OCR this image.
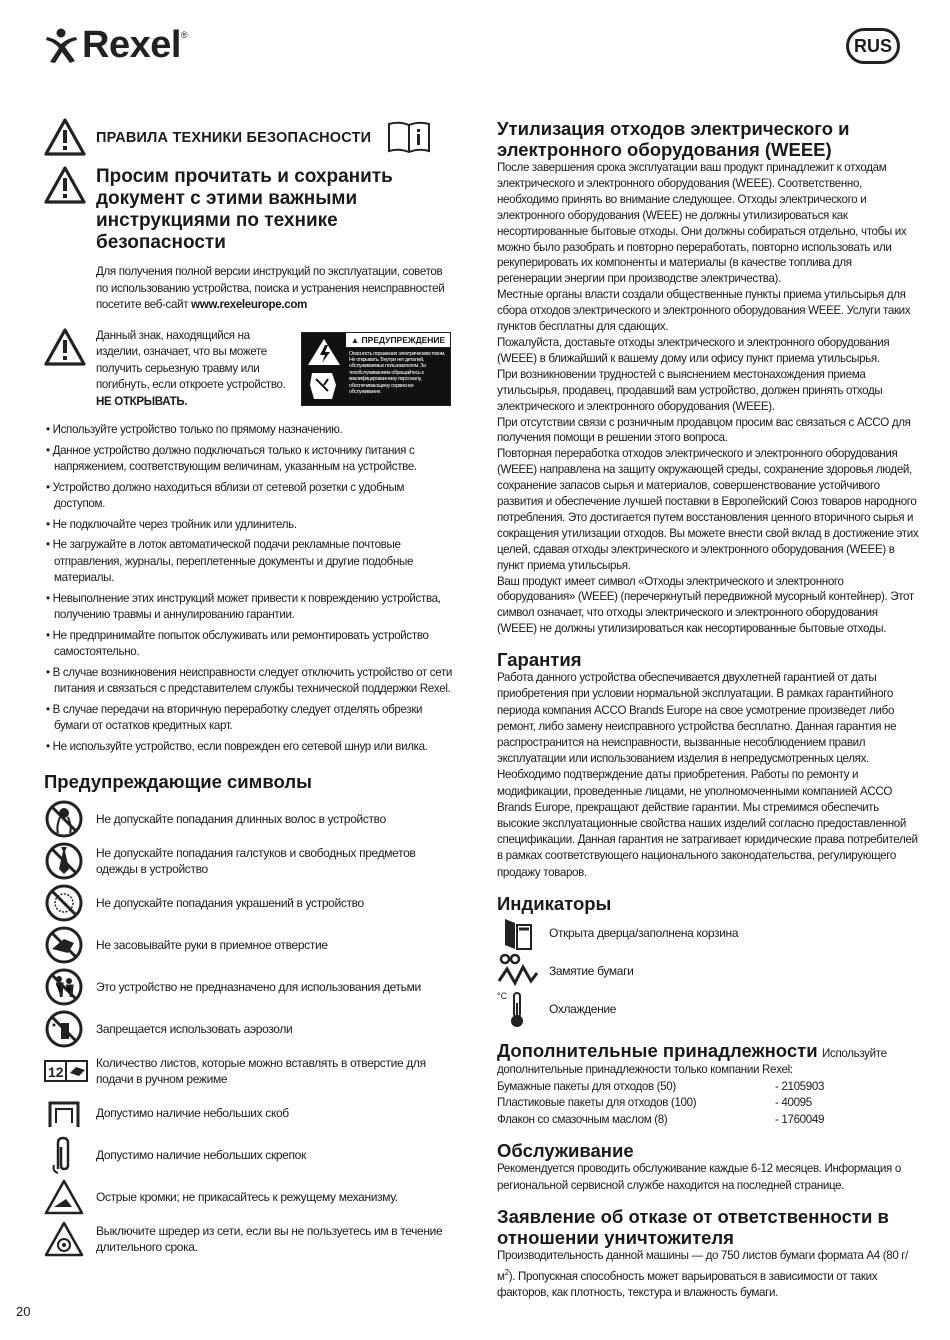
Rexel ®
RUS
ПРАВИЛА ТЕХНИКИ БЕЗОПАСНОСТИ
Просим прочитать и сохранить документ с этими важными инструкциями по технике безопасности
Для получения полной версии инструкций по эксплуатации, советов по использованию устройства, поиска и устранения неисправностей посетите веб-сайт www.rexeleurope.com
Данный знак, находящийся на изделии, означает, что вы можете получить серьезную травму или погибнуть, если откроете устройство. НЕ ОТКРЫВАТЬ.
▲ ПРЕДУПРЕЖДЕНИЕ
Опасность поражения электрическим током. Не открывать. Внутри нет деталей, обслуживаемых пользователем. За техобслуживанием обращайтесь к квалифицированному персоналу, обеспечивающему сервисное обслуживание.

• Используйте устройство только по прямому назначению.

• Данное устройство должно подключаться только к источнику питания с напряжением, соответствующим величинам, указанным на устройстве.

• Устройство должно находиться вблизи от сетевой розетки с удобным доступом.

• Не подключайте через тройник или удлинитель.

• Не загружайте в лоток автоматической подачи рекламные почтовые отправления, журналы, переплетенные документы и другие подобные материалы.

• Невыполнение этих инструкций может привести к повреждению устройства, получению травмы и аннулированию гарантии.

• Не предпринимайте попыток обслуживать или ремонтировать устройство самостоятельно.

• В случае возникновения неисправности следует отключить устройство от сети питания и связаться с представителем службы технической поддержки Rexel.

• В случае передачи на вторичную переработку следует отделять обрезки бумаги от остатков кредитных карт.

• Не используйте устройство, если поврежден его сетевой шнур или вилка.

Предупреждающие символы
Не допускайте попадания длинных волос в устройство
Не допускайте попадания галстуков и свободных предметов одежды в устройство
Не допускайте попадания украшений в устройство
Не засовывайте руки в приемное отверстие
Это устройство не предназначено для использования детьми
Запрещается использовать аэрозоли
12
Количество листов, которые можно вставлять в отверстие для подачи в ручном режиме
Допустимо наличие небольших скоб
Допустимо наличие небольших скрепок
Острые кромки; не прикасайтесь к режущему механизму.
Выключите шредер из сети, если вы не пользуетесь им в течение длительного срока.
20
Утилизация отходов электрического и электронного оборудования (WEEE)
После завершения срока эксплуатации ваш продукт принадлежит к отходам электрического и электронного оборудования (WEEE). Соответственно, необходимо принять во внимание следующее. Отходы электрического и электронного оборудования (WEEE) не должны утилизироваться как несортированные бытовые отходы. Они должны собираться отдельно, чтобы их можно было разобрать и повторно переработать, повторно использовать или рекуперировать их компоненты и материалы (в качестве топлива для регенерации энергии при производстве электричества).
Местные органы власти создали общественные пункты приема утильсырья для сбора отходов электрического и электронного оборудования WEEE. Услуги таких пунктов бесплатны для сдающих.
Пожалуйста, доставьте отходы электрического и электронного оборудования (WEEE) в ближайший к вашему дому или офису пункт приема утильсырья.
При возникновении трудностей с выяснением местонахождения приема утильсырья, продавец, продавший вам устройство, должен принять отходы электрического и электронного оборудования (WEEE).
При отсутствии связи с розничным продавцом просим вас связаться с ACCO для получения помощи в решении этого вопроса.
Повторная переработка отходов электрического и электронного оборудования (WEEE) направлена на защиту окружающей среды, сохранение здоровья людей, сохранение запасов сырья и материалов, совершенствование устойчивого развития и обеспечение лучшей поставки в Европейский Союз товаров народного потребления. Это достигается путем восстановления ценного вторичного сырья и сокращения утилизации отходов. Вы можете внести свой вклад в достижение этих целей, сдавая отходы электрического и электронного оборудования (WEEE) в пункт приема утильсырья.
Ваш продукт имеет символ «Отходы электрического и электронного оборудования» (WEEE) (перечеркнутый передвижной мусорный контейнер). Этот символ означает, что отходы электрического и электронного оборудования (WEEE) не должны утилизироваться как несортированные бытовые отходы.
Гарантия
Работа данного устройства обеспечивается двухлетней гарантией от даты приобретения при условии нормальной эксплуатации. В рамках гарантийного периода компания ACCO Brands Europe на свое усмотрение произведет либо ремонт, либо замену неисправного устройства бесплатно. Данная гарантия не распространится на неисправности, вызванные несоблюдением правил эксплуатации или использованием изделия в непредусмотренных целях. Необходимо подтверждение даты приобретения. Работы по ремонту и модификации, проведенные лицами, не уполномоченными компанией ACCO Brands Europe, прекращают действие гарантии. Мы стремимся обеспечить высокие эксплуатационные свойства наших изделий согласно предоставленной спецификации. Данная гарантия не затрагивает юридические права потребителей в рамках соответствующего национального законодательства, регулирующего продажу товаров.
Индикаторы
Открыта дверца/заполнена корзина
Замятие бумаги
°C
Охлаждение
Дополнительные принадлежности Используйте
дополнительные принадлежности только компании Rexel:
Бумажные пакеты для отходов (50)	- 2105903
Пластиковые пакеты для отходов (100)	- 40095
Флакон со смазочным маслом (8)	- 1760049
Обслуживание
Рекомендуется проводить обслуживание каждые 6-12 месяцев. Информация о региональной сервисной службе находится на последней странице.
Заявление об отказе от ответственности в отношении уничтожителя
Производительность данной машины — до 750 листов бумаги формата A4 (80 $г/м^2$). Пропускная способность может варьироваться в зависимости от таких факторов, как плотность, текстура и влажность бумаги.
